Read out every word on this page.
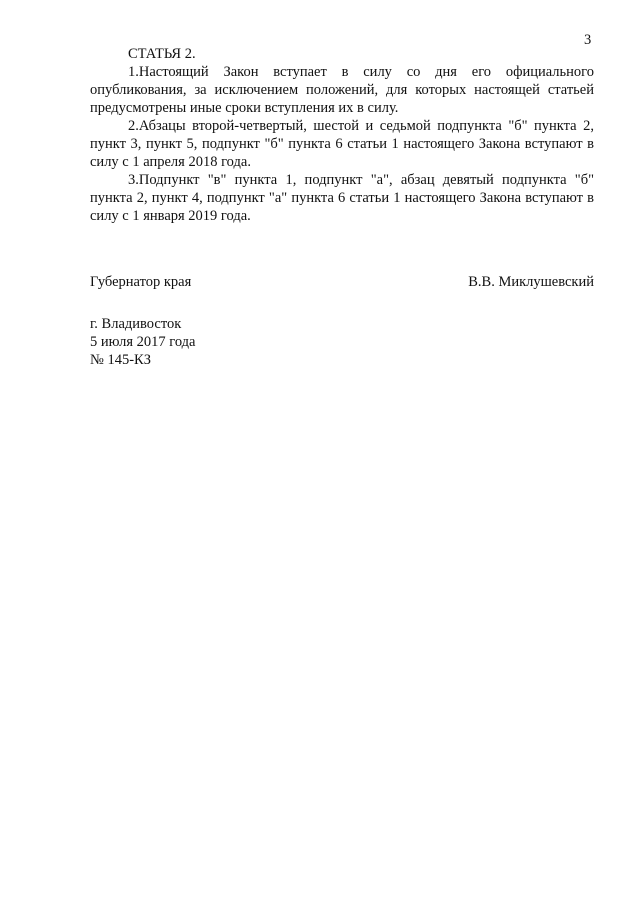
3
СТАТЬЯ 2.

1.Настоящий Закон вступает в силу со дня его официального опубликования, за исключением положений, для которых настоящей статьей предусмотрены иные сроки вступления их в силу.

2.Абзацы второй-четвертый, шестой и седьмой подпункта "б" пункта 2, пункт 3, пункт 5, подпункт "б" пункта 6 статьи 1 настоящего Закона вступают в силу с 1 апреля 2018 года.

3.Подпункт "в" пункта 1, подпункт "а", абзац девятый подпункта "б" пункта 2, пункт 4, подпункт "а" пункта 6 статьи 1 настоящего Закона вступают в силу с 1 января 2019 года.

Губернатор края	В.В. Миклушевский
г. Владивосток
5 июля 2017 года
№ 145-КЗ
